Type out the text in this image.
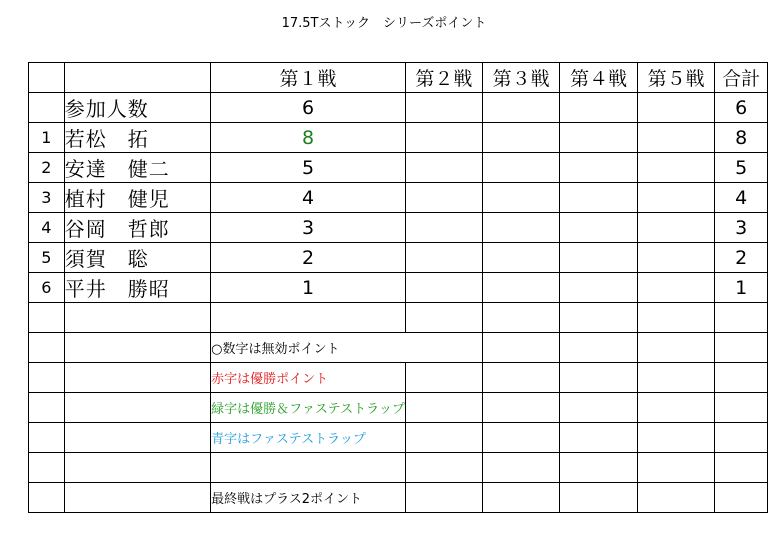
17.5Tストック　シリーズポイント
		第１戦	第２戦	第３戦	第４戦	第５戦	合計
	参加人数	6					6
1	若松　拓	8					8
2	安達　健二	5					5
3	植村　健児	4					4
4	谷岡　哲郎	3					3
5	須賀　聡	2					2
6	平井　勝昭	1					1

		○数字は無効ポイント					
		赤字は優勝ポイント					
		緑字は優勝＆ファステストラップ					
		青字はファステストラップ					

		最終戦はプラス2ポイント					
